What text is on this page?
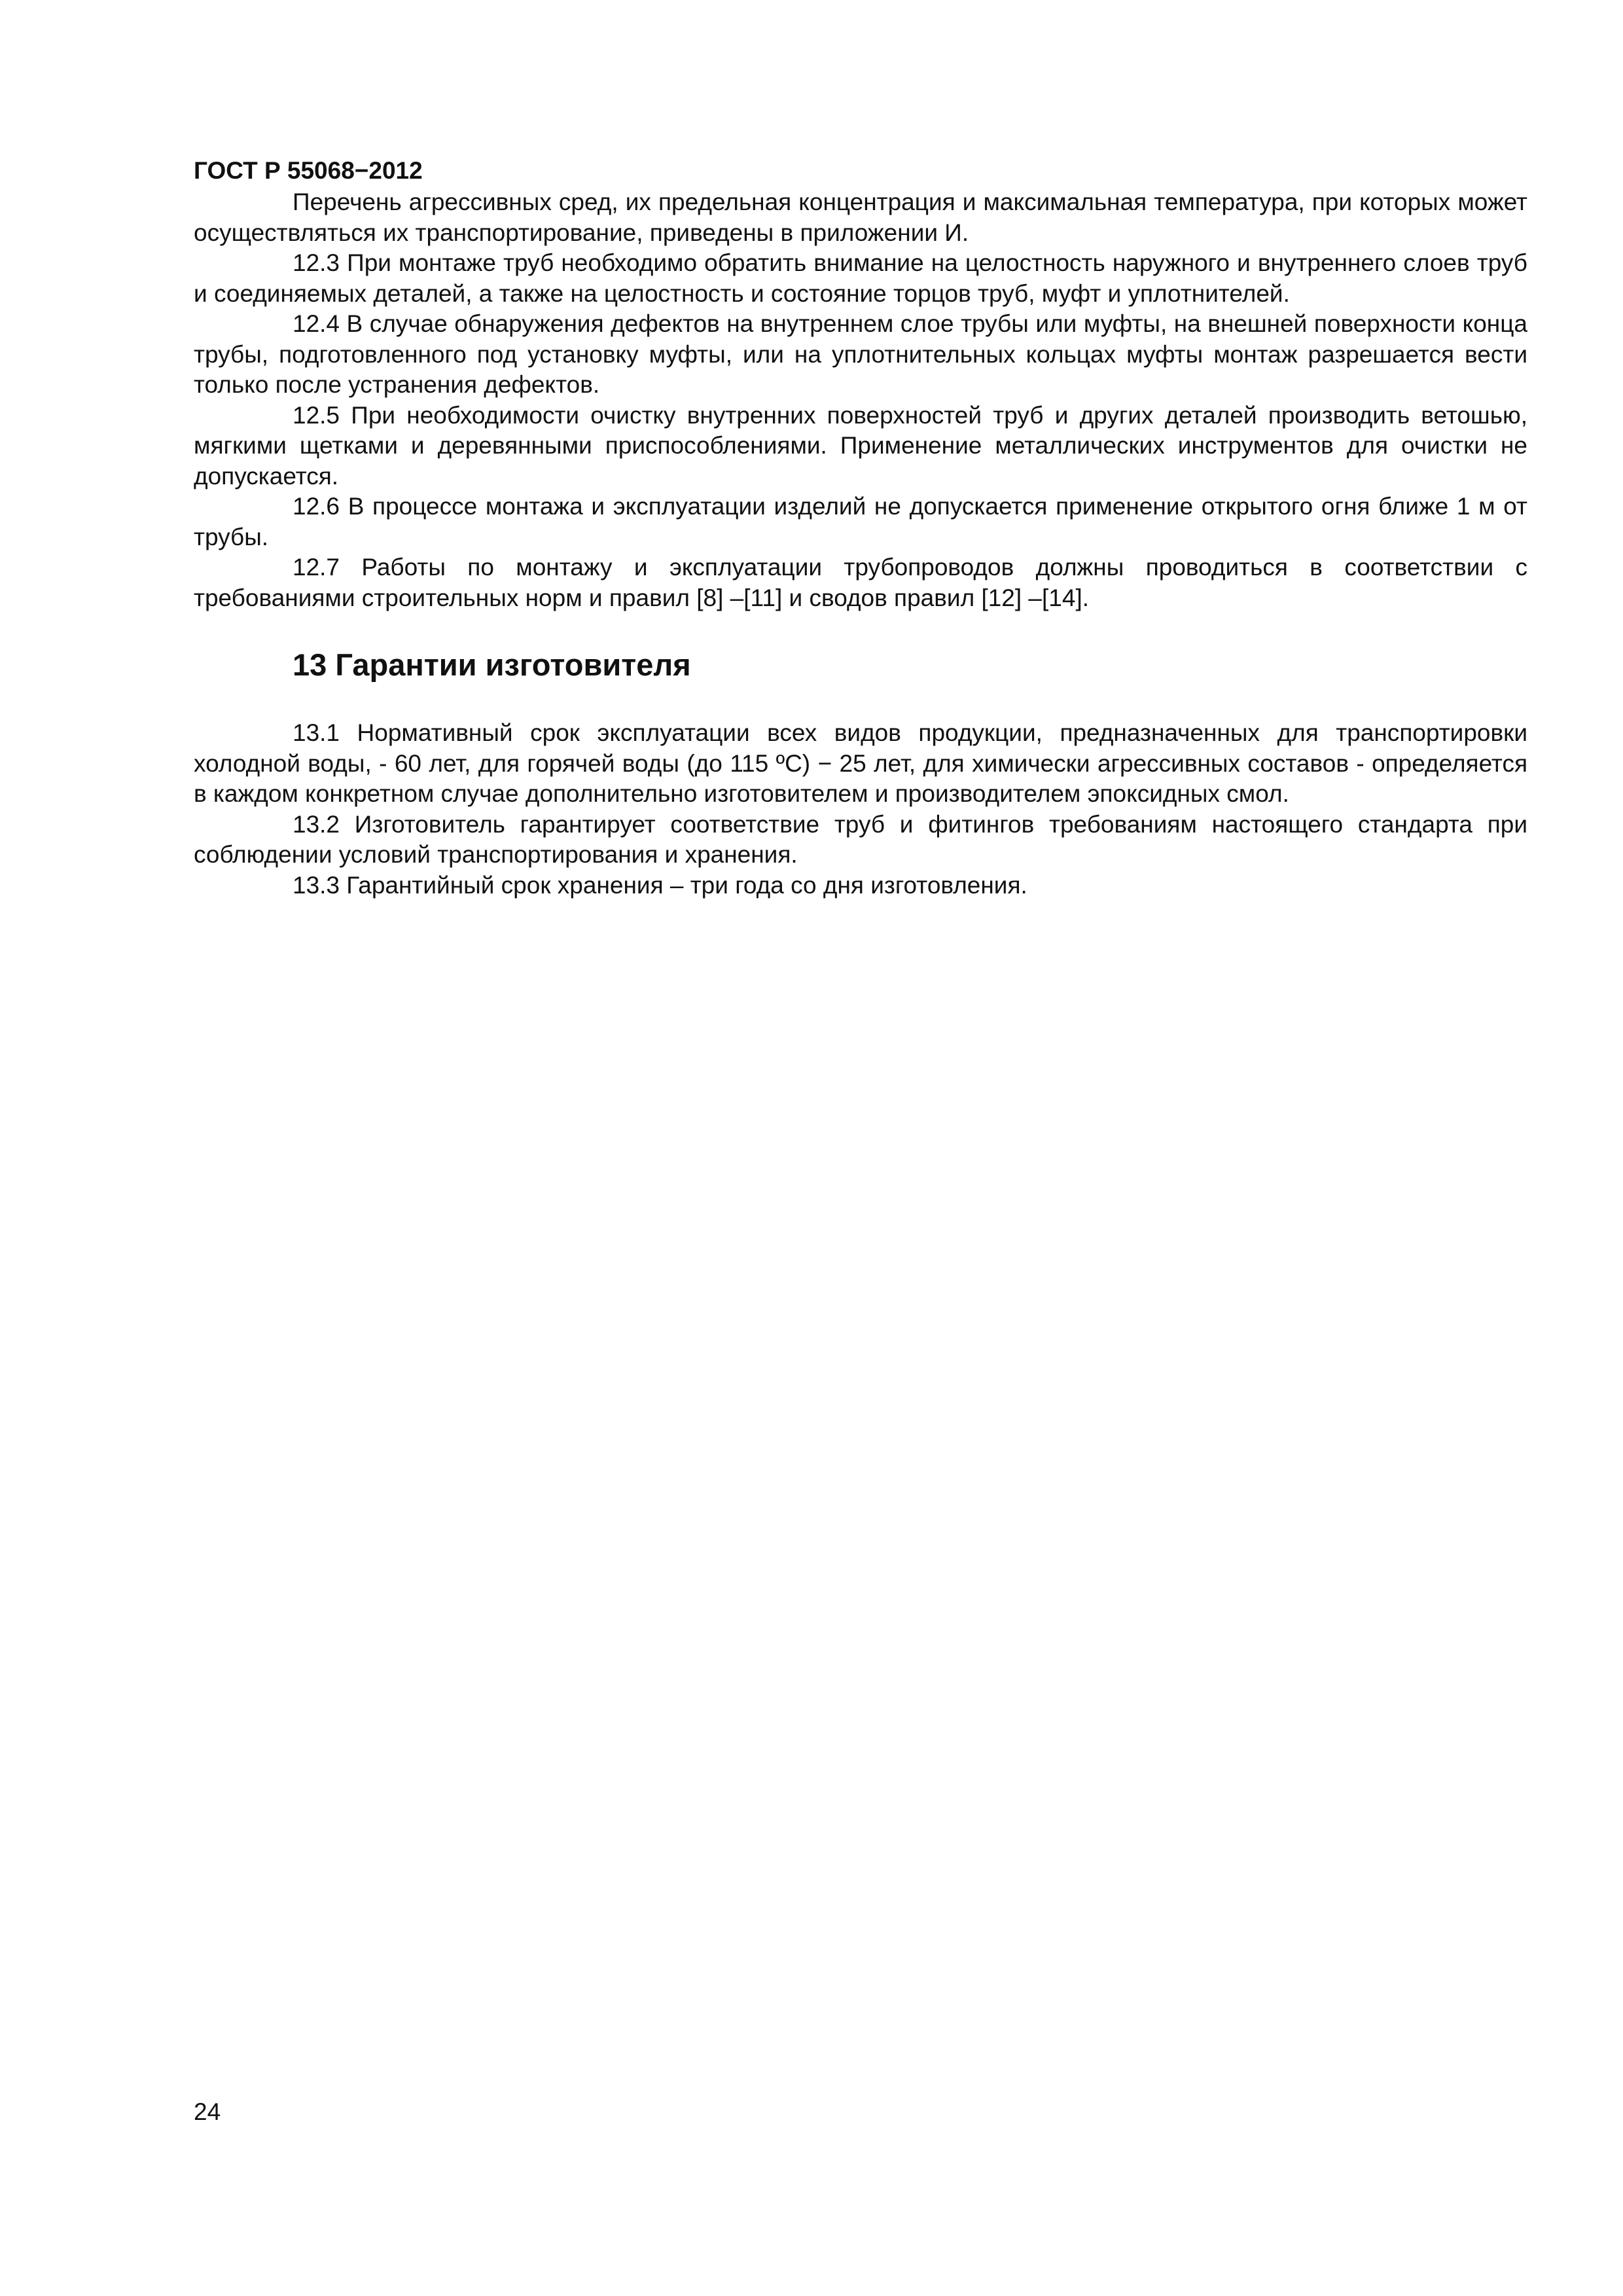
ГОСТ Р 55068−2012

Перечень агрессивных сред, их предельная концентрация и максимальная температура, при которых может осуществляться их транспортирование, приведены в приложении И.

12.3 При монтаже труб необходимо обратить внимание на целостность наружного и внутреннего слоев труб и соединяемых деталей, а также на целостность и состояние торцов труб, муфт и уплотнителей.

12.4 В случае обнаружения дефектов на внутреннем слое трубы или муфты, на внешней поверхности конца трубы, подготовленного под установку муфты, или на уплотнительных кольцах муфты монтаж разрешается вести только после устранения дефектов.

12.5 При необходимости очистку внутренних поверхностей труб и других деталей производить ветошью, мягкими щетками и деревянными приспособлениями. Применение металлических инструментов для очистки не допускается.

12.6 В процессе монтажа и эксплуатации изделий не допускается применение открытого огня ближе 1 м от трубы.

12.7 Работы по монтажу и эксплуатации трубопроводов должны проводиться в соответствии с требованиями строительных норм и правил [8] –[11] и сводов правил [12] –[14].

13 Гарантии изготовителя

13.1 Нормативный срок эксплуатации всех видов продукции, предназначенных для транспортировки холодной воды, - 60 лет, для горячей воды (до 115 ºС) − 25 лет, для химически агрессивных составов - определяется в каждом конкретном случае дополнительно изготовителем и производителем эпоксидных смол.

13.2 Изготовитель гарантирует соответствие труб и фитингов требованиям настоящего стандарта при соблюдении условий транспортирования и хранения.

13.3 Гарантийный срок хранения – три года со дня изготовления.

24
